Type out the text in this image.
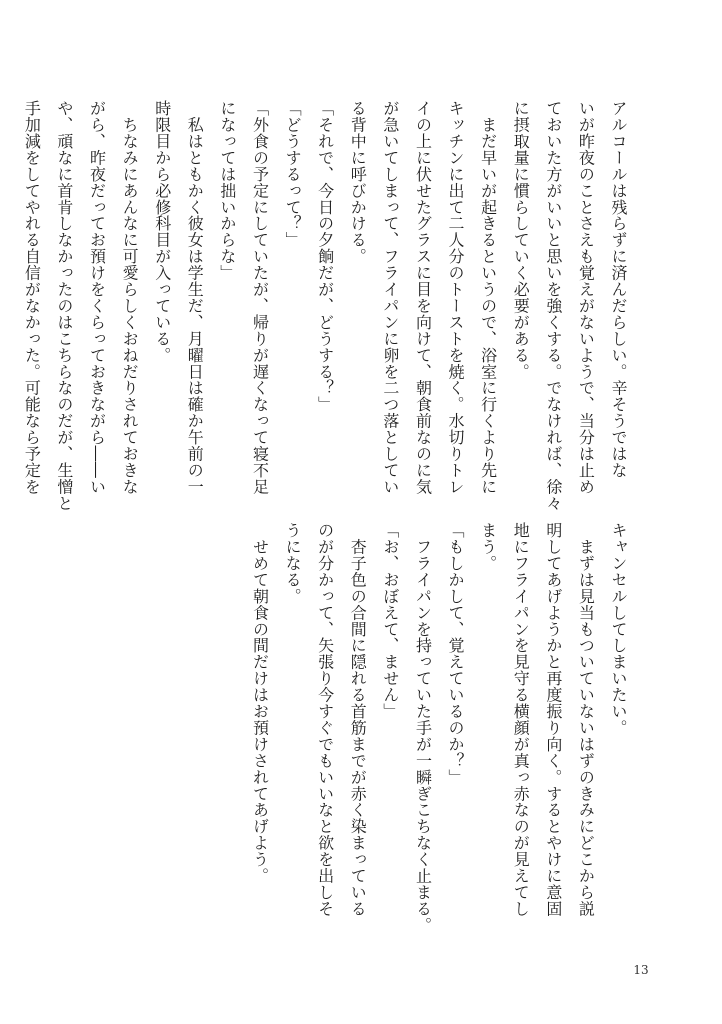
アルコールは残らずに済んだらしい。辛そうではな
いが昨夜のことさえも覚えがないようで、当分は止め
ておいた方がいいと思いを強くする。でなければ、徐々
に摂取量に慣らしていく必要がある。
　まだ早いが起きるというので、浴室に行くより先に
キッチンに出て二人分のトーストを焼く。水切りトレ
イの上に伏せたグラスに目を向けて、朝食前なのに気
が急いてしまって、フライパンに卵を二つ落としてい
る背中に呼びかける。
「それで、今日の夕餉だが、どうする？」
「どうするって？」
「外食の予定にしていたが、帰りが遅くなって寝不足
になっては拙いからな」
　私はともかく彼女は学生だ、月曜日は確か午前の一
時限目から必修科目が入っている。
　ちなみにあんなに可愛らしくおねだりされておきな
がら、昨夜だってお預けをくらっておきながら――い
や、頑なに首肯しなかったのはこちらなのだが、生憎と
手加減をしてやれる自信がなかった。可能なら予定を
キャンセルしてしまいたい。
　まずは見当もついていないはずのきみにどこから説
明してあげようかと再度振り向く。するとやけに意固
地にフライパンを見守る横顔が真っ赤なのが見えてし
まう。
「もしかして、覚えているのか？」
　フライパンを持っていた手が一瞬ぎこちなく止まる。
「お、おぼえて、ません」
　杏子色の合間に隠れる首筋までが赤く染まっている
のが分かって、矢張り今すぐでもいいなと欲を出しそ
うになる。
　せめて朝食の間だけはお預けされてあげよう。
13
